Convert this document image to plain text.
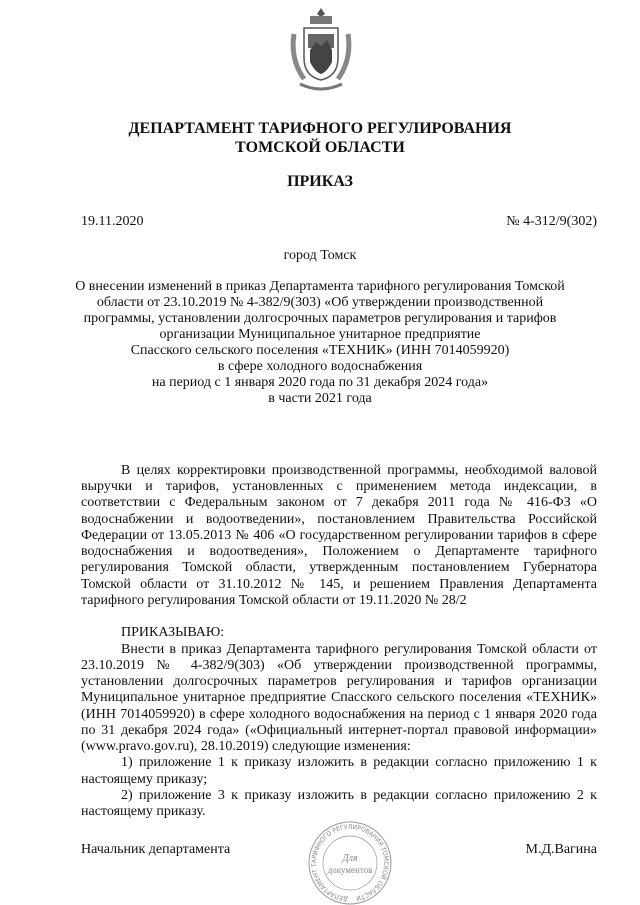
ДЕПАРТАМЕНТ ТАРИФНОГО РЕГУЛИРОВАНИЯ
ТОМСКОЙ ОБЛАСТИ
ПРИКАЗ
19.11.2020	№ 4-312/9(302)
город Томск
О внесении изменений в приказ Департамента тарифного регулирования Томской
области от 23.10.2019 № 4-382/9(303) «Об утверждении производственной
программы, установлении долгосрочных параметров регулирования и тарифов
организации Муниципальное унитарное предприятие
Спасского сельского поселения «ТЕХНИК» (ИНН 7014059920)
в сфере холодного водоснабжения
на период с 1 января 2020 года по 31 декабря 2024 года»
в части 2021 года
В целях корректировки производственной программы, необходимой валовой
выручки и тарифов, установленных с применением метода индексации, в
соответствии с Федеральным законом от 7 декабря 2011 года № 416-ФЗ «О
водоснабжении и водоотведении», постановлением Правительства Российской
Федерации от 13.05.2013 № 406 «О государственном регулировании тарифов в сфере
водоснабжения и водоотведения», Положением о Департаменте тарифного
регулирования Томской области, утвержденным постановлением Губернатора
Томской области от 31.10.2012 № 145, и решением Правления Департамента
тарифного регулирования Томской области от 19.11.2020 № 28/2
ПРИКАЗЫВАЮ:
Внести в приказ Департамента тарифного регулирования Томской области от
23.10.2019 № 4-382/9(303) «Об утверждении производственной программы,
установлении долгосрочных параметров регулирования и тарифов организации
Муниципальное унитарное предприятие Спасского сельского поселения «ТЕХНИК»
(ИНН 7014059920) в сфере холодного водоснабжения на период с 1 января 2020 года
по 31 декабря 2024 года» («Официальный интернет-портал правовой информации»
(www.pravo.gov.ru), 28.10.2019) следующие изменения:
1) приложение 1 к приказу изложить в редакции согласно приложению 1 к
настоящему приказу;
2) приложение 3 к приказу изложить в редакции согласно приложению 2 к
настоящему приказу.
Начальник департамента	М.Д.Вагина
ДЕПАРТАМЕНТ ТАРИФНОГО РЕГУЛИРОВАНИЯ ТОМСКОЙ ОБЛАСТИ
Для
документов
